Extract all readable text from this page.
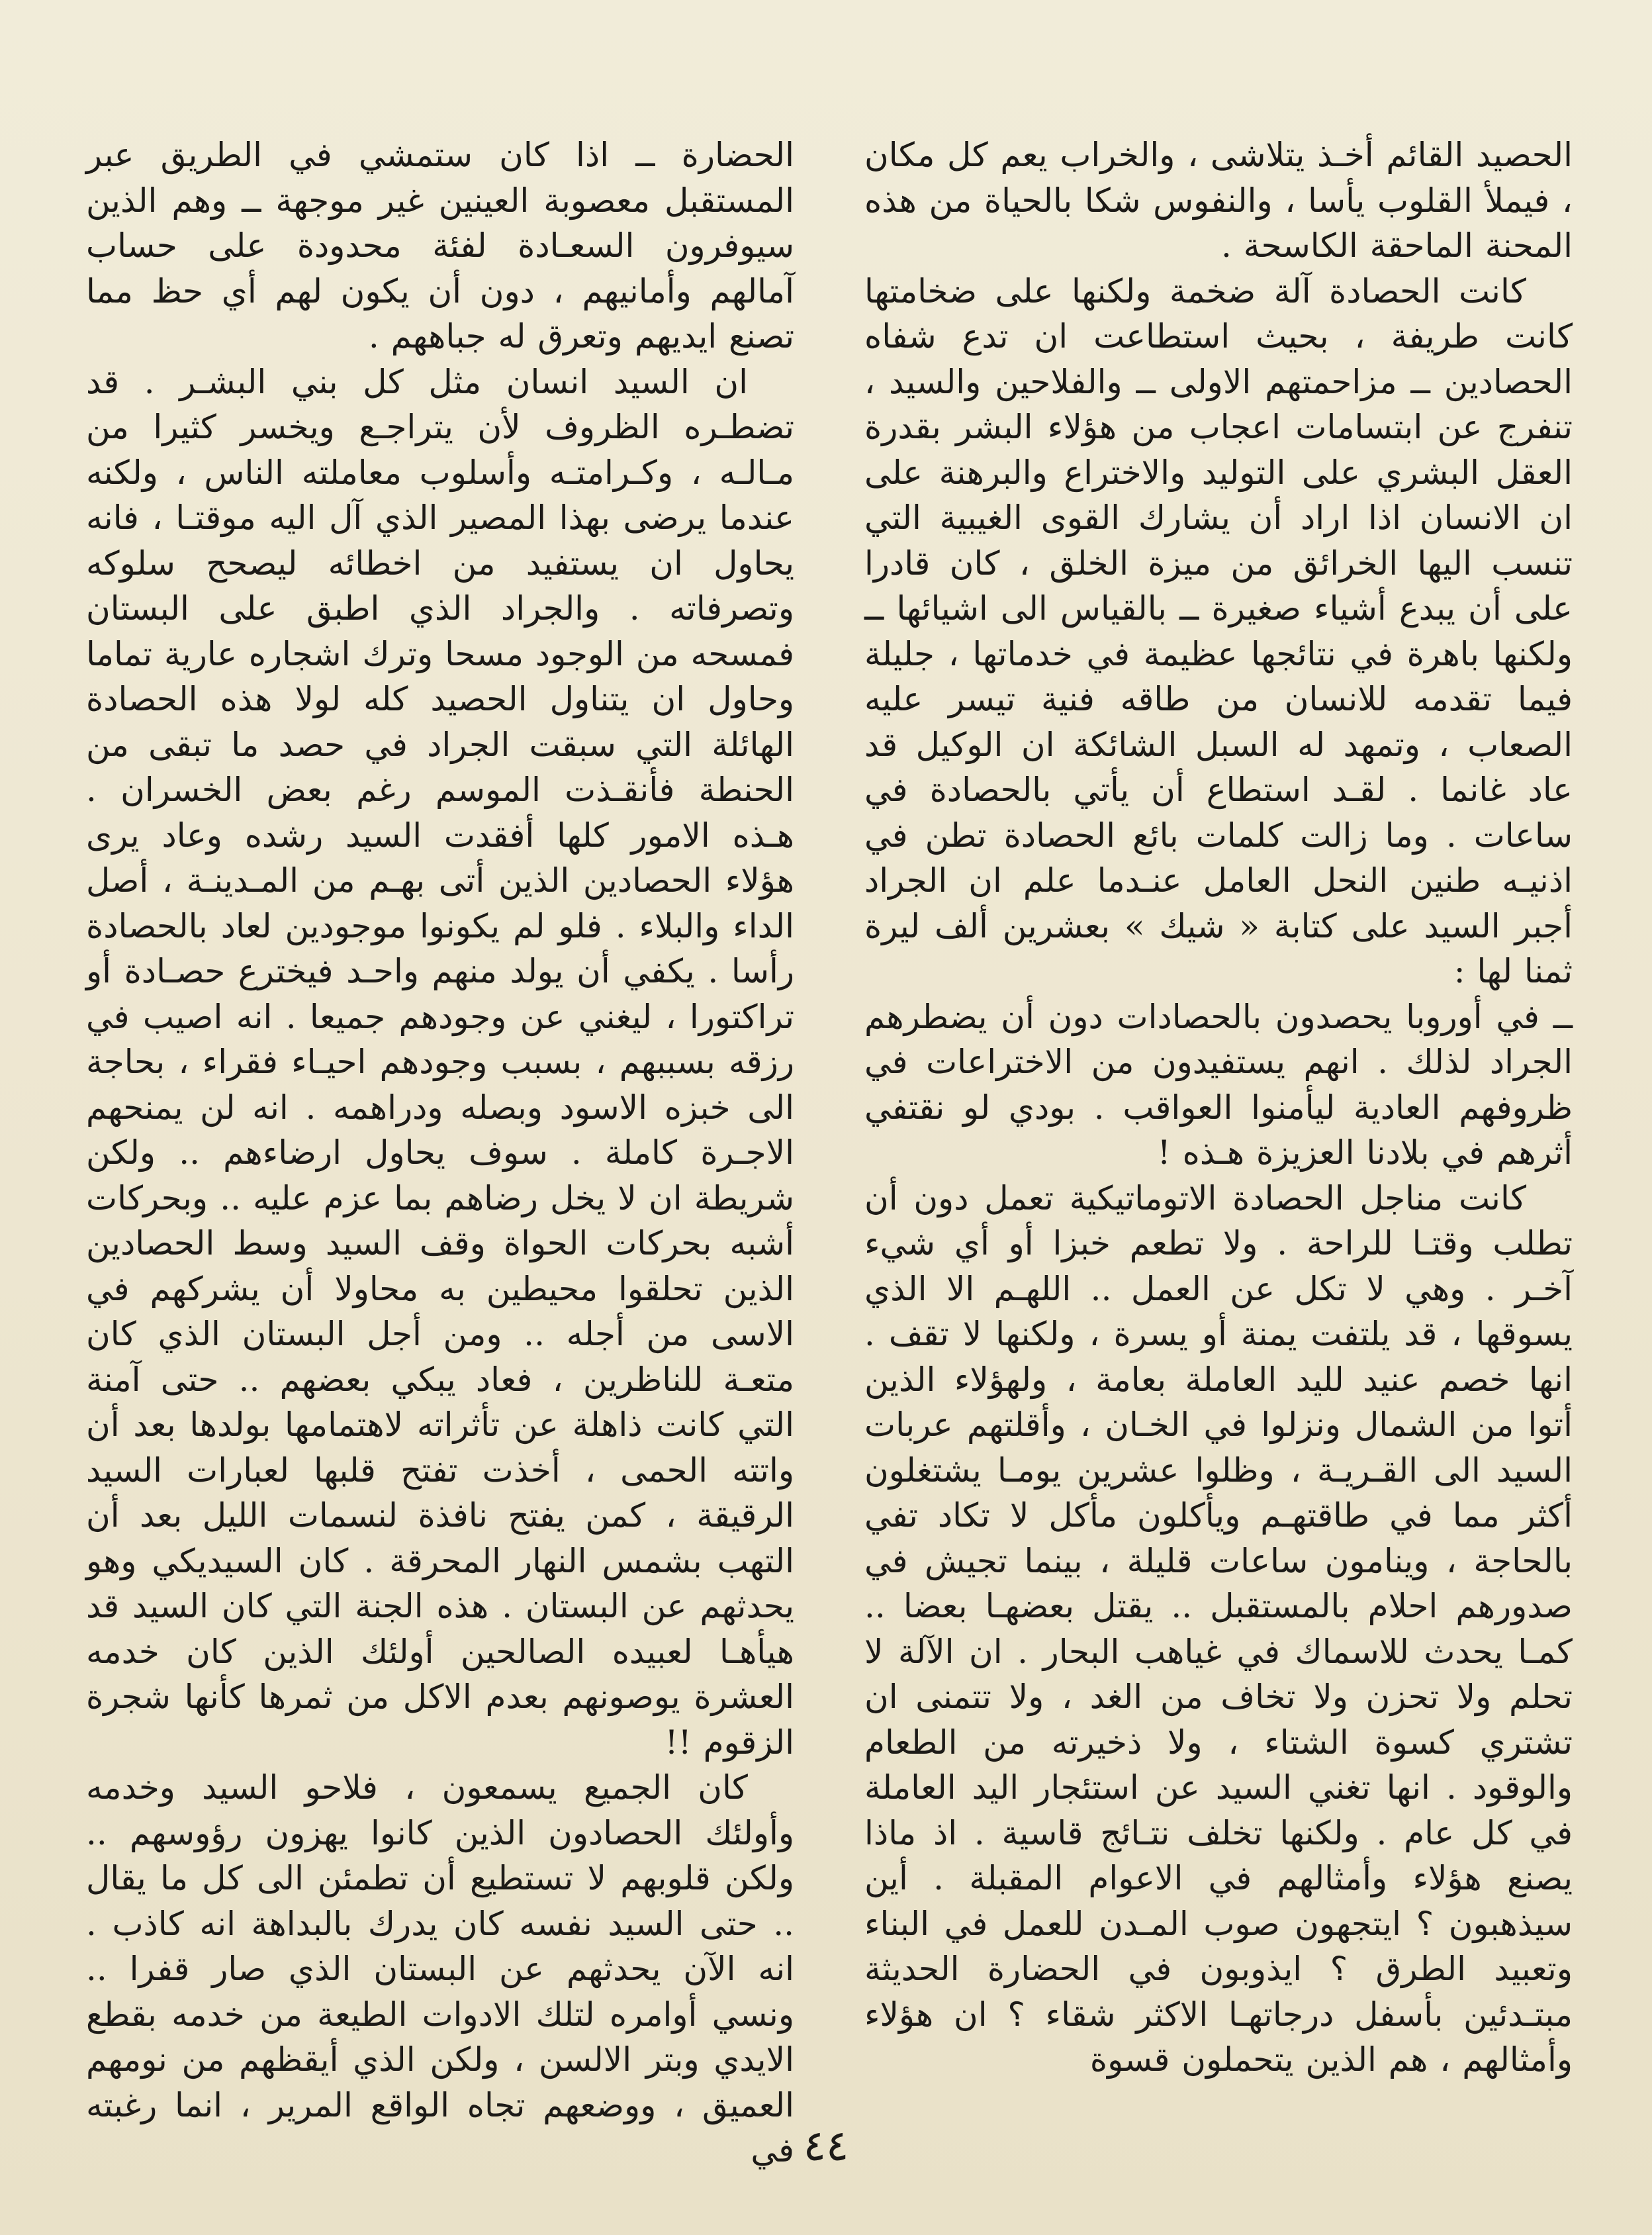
الحصيد القائم أخـذ يتلاشى ، والخراب يعم كل مكان ، فيملأ القلوب يأسا ، والنفوس شكا بالحياة من هذه المحنة الماحقة الكاسحة .

كانت الحصادة آلة ضخمة ولكنها على ضخامتها كانت طريفة ، بحيث استطاعت ان تدع شفاه الحصادين ــ مزاحمتهم الاولى ــ والفلاحين والسيد ، تنفرج عن ابتسامات اعجاب من هؤلاء البشر بقدرة العقل البشري على التوليد والاختراع والبرهنة على ان الانسان اذا اراد أن يشارك القوى الغيبية التي تنسب اليها الخرائق من ميزة الخلق ، كان قادرا على أن يبدع أشياء صغيرة ــ بالقياس الى اشيائها ــ ولكنها باهرة في نتائجها عظيمة في خدماتها ، جليلة فيما تقدمه للانسان من طاقه فنية تيسر عليه الصعاب ، وتمهد له السبل الشائكة ان الوكيل قد عاد غانما . لقـد استطاع أن يأتي بالحصادة في ساعات . وما زالت كلمات بائع الحصادة تطن في اذنيـه طنين النحل العامل عنـدما علم ان الجراد أجبر السيد على كتابة « شيك » بعشرين ألف ليرة ثمنا لها :

ــ في أوروبا يحصدون بالحصادات دون أن يضطرهم الجراد لذلك . انهم يستفيدون من الاختراعات في ظروفهم العادية ليأمنوا العواقب . بودي لو نقتفي أثرهم في بلادنا العزيزة هـذه !

كانت مناجل الحصادة الاتوماتيكية تعمل دون أن تطلب وقتـا للراحة . ولا تطعم خبزا أو أي شيء آخـر . وهي لا تكل عن العمل .. اللهـم الا الذي يسوقها ، قد يلتفت يمنة أو يسرة ، ولكنها لا تقف . انها خصم عنيد لليد العاملة بعامة ، ولهؤلاء الذين أتوا من الشمال ونزلوا في الخـان ، وأقلتهم عربات السيد الى القـريـة ، وظلوا عشرين يومـا يشتغلون أكثر مما في طاقتهـم ويأكلون مأكل لا تكاد تفي بالحاجة ، وينامون ساعات قليلة ، بينما تجيش في صدورهم احلام بالمستقبل .. يقتل بعضهـا بعضا .. كمـا يحدث للاسماك في غياهب البحار . ان الآلة لا تحلم ولا تحزن ولا تخاف من الغد ، ولا تتمنى ان تشتري كسوة الشتاء ، ولا ذخيرته من الطعام والوقود . انها تغني السيد عن استئجار اليد العاملة في كل عام . ولكنها تخلف نتـائج قاسية . اذ ماذا يصنع هؤلاء وأمثالهم في الاعوام المقبلة . أين سيذهبون ؟ ايتجهون صوب المـدن للعمل في البناء وتعبيد الطرق ؟ ايذوبون في الحضارة الحديثة مبتـدئين بأسفل درجاتهـا الاكثر شقاء ؟ ان هؤلاء وأمثالهم ، هم الذين يتحملون قسوة

الحضارة ــ اذا كان ستمشي في الطريق عبر المستقبل معصوبة العينين غير موجهة ــ وهم الذين سيوفرون السعـادة لفئة محدودة على حساب آمالهم وأمانيهم ، دون أن يكون لهم أي حظ مما تصنع ايديهم وتعرق له جباههم .

ان السيد انسان مثل كل بني البشـر . قد تضطـره الظروف لأن يتراجـع ويخسر كثيرا من مـالـه ، وكـرامتـه وأسلوب معاملته الناس ، ولكنه عندما يرضى بهذا المصير الذي آل اليه موقتـا ، فانه يحاول ان يستفيد من اخطائه ليصحح سلوكه وتصرفاته . والجراد الذي اطبق على البستان فمسحه من الوجود مسحا وترك اشجاره عارية تماما وحاول ان يتناول الحصيد كله لولا هذه الحصادة الهائلة التي سبقت الجراد في حصد ما تبقى من الحنطة فأنقـذت الموسم رغم بعض الخسران . هـذه الامور كلها أفقدت السيد رشده وعاد يرى هؤلاء الحصادين الذين أتى بهـم من المـدينـة ، أصل الداء والبلاء . فلو لم يكونوا موجودين لعاد بالحصادة رأسا . يكفي أن يولد منهم واحـد فيخترع حصـادة أو تراكتورا ، ليغني عن وجودهم جميعا . انه اصيب في رزقه بسببهم ، بسبب وجودهم احيـاء فقراء ، بحاجة الى خبزه الاسود وبصله ودراهمه . انه لن يمنحهم الاجـرة كاملة . سوف يحاول ارضاءهم .. ولكن شريطة ان لا يخل رضاهم بما عزم عليه .. وبحركات أشبه بحركات الحواة وقف السيد وسط الحصادين الذين تحلقوا محيطين به محاولا أن يشركهم في الاسى من أجله .. ومن أجل البستان الذي كان متعـة للناظرين ، فعاد يبكي بعضهم .. حتى آمنة التي كانت ذاهلة عن تأثراته لاهتمامها بولدها بعد أن واتته الحمى ، أخذت تفتح قلبها لعبارات السيد الرقيقة ، كمن يفتح نافذة لنسمات الليل بعد أن التهب بشمس النهار المحرقة . كان السيديكي وهو يحدثهم عن البستان . هذه الجنة التي كان السيد قد هيأهـا لعبيده الصالحين أولئك الذين كان خدمه العشرة يوصونهم بعدم الاكل من ثمرها كأنها شجرة الزقوم !!

كان الجميع يسمعون ، فلاحو السيد وخدمه وأولئك الحصادون الذين كانوا يهزون رؤوسهم .. ولكن قلوبهم لا تستطيع أن تطمئن الى كل ما يقال .. حتى السيد نفسه كان يدرك بالبداهة انه كاذب . انه الآن يحدثهم عن البستان الذي صار قفرا .. ونسي أوامره لتلك الادوات الطيعة من خدمه بقطع الايدي وبتر الالسن ، ولكن الذي أيقظهم من نومهم العميق ، ووضعهم تجاه الواقع المرير ، انما رغبته في ٤٤
